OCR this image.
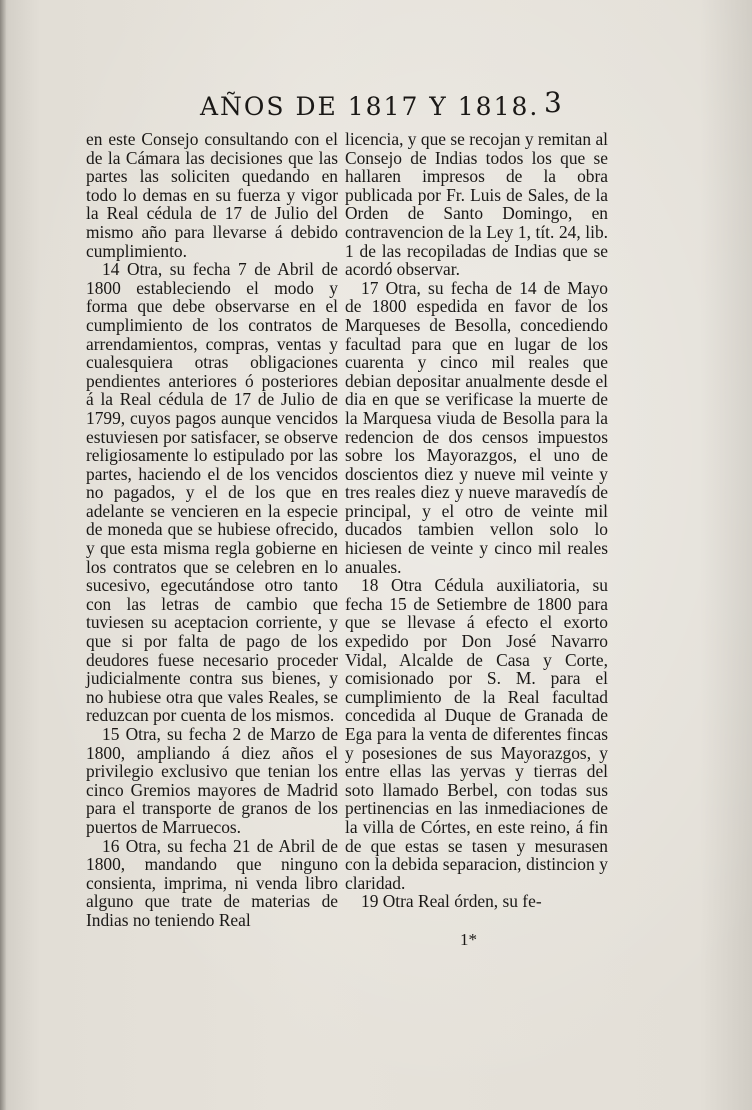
AÑOS DE 1817 Y 1818. 3

en este Consejo consultando con el de la Cámara las decisiones que las partes las soliciten quedando en todo lo demas en su fuerza y vigor la Real cédula de 17 de Julio del mismo año para llevarse á debido cumplimiento.

14 Otra, su fecha 7 de Abril de 1800 estableciendo el modo y forma que debe observarse en el cumplimiento de los contratos de arrendamientos, compras, ventas y cualesquiera otras obligaciones pendientes anteriores ó posteriores á la Real cédula de 17 de Julio de 1799, cuyos pagos aunque vencidos estuviesen por satisfacer, se observe religiosamente lo estipulado por las partes, haciendo el de los vencidos no pagados, y el de los que en adelante se vencieren en la especie de moneda que se hubiese ofrecido, y que esta misma regla gobierne en los contratos que se celebren en lo sucesivo, egecutándose otro tanto con las letras de cambio que tuviesen su aceptacion corriente, y que si por falta de pago de los deudores fuese necesario proceder judicialmente contra sus bienes, y no hubiese otra que vales Reales, se reduzcan por cuenta de los mismos.

15 Otra, su fecha 2 de Marzo de 1800, ampliando á diez años el privilegio exclusivo que tenian los cinco Gremios mayores de Madrid para el transporte de granos de los puertos de Marruecos.

16 Otra, su fecha 21 de Abril de 1800, mandando que ninguno consienta, imprima, ni venda libro alguno que trate de materias de Indias no teniendo Real

licencia, y que se recojan y remitan al Consejo de Indias todos los que se hallaren impresos de la obra publicada por Fr. Luis de Sales, de la Orden de Santo Domingo, en contravencion de la Ley 1, tít. 24, lib. 1 de las recopiladas de Indias que se acordó observar.

17 Otra, su fecha de 14 de Mayo de 1800 espedida en favor de los Marqueses de Besolla, concediendo facultad para que en lugar de los cuarenta y cinco mil reales que debian depositar anualmente desde el dia en que se verificase la muerte de la Marquesa viuda de Besolla para la redencion de dos censos impuestos sobre los Mayorazgos, el uno de doscientos diez y nueve mil veinte y tres reales diez y nueve maravedís de principal, y el otro de veinte mil ducados tambien vellon solo lo hiciesen de veinte y cinco mil reales anuales.

18 Otra Cédula auxiliatoria, su fecha 15 de Setiembre de 1800 para que se llevase á efecto el exorto expedido por Don José Navarro Vidal, Alcalde de Casa y Corte, comisionado por S. M. para el cumplimiento de la Real facultad concedida al Duque de Granada de Ega para la venta de diferentes fincas y posesiones de sus Mayorazgos, y entre ellas las yervas y tierras del soto llamado Berbel, con todas sus pertinencias en las inmediaciones de la villa de Córtes, en este reino, á fin de que estas se tasen y mesurasen con la debida separacion, distincion y claridad.

19 Otra Real órden, su fe-

1*
